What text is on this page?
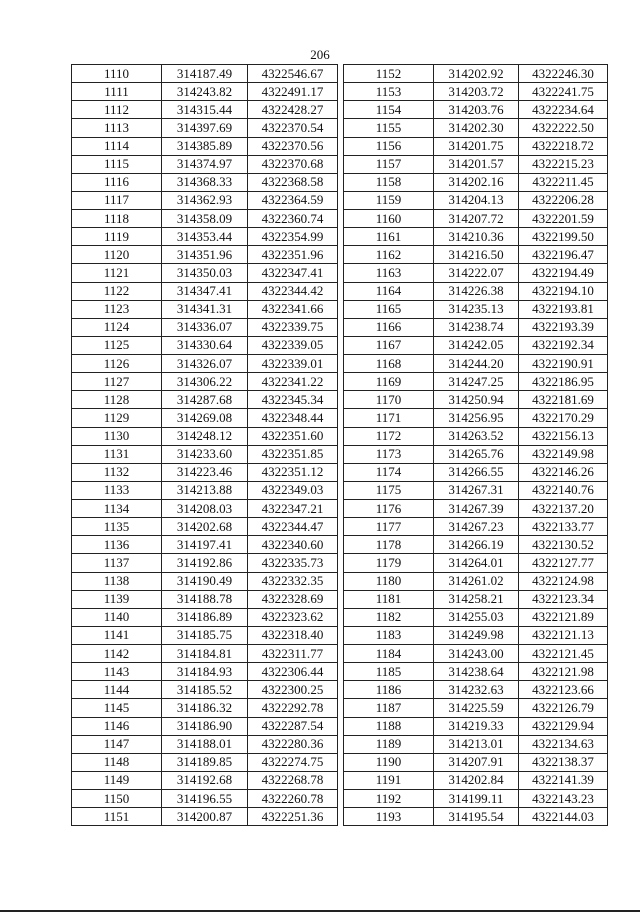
206
1110	314187.49	4322546.67
1111	314243.82	4322491.17
1112	314315.44	4322428.27
1113	314397.69	4322370.54
1114	314385.89	4322370.56
1115	314374.97	4322370.68
1116	314368.33	4322368.58
1117	314362.93	4322364.59
1118	314358.09	4322360.74
1119	314353.44	4322354.99
1120	314351.96	4322351.96
1121	314350.03	4322347.41
1122	314347.41	4322344.42
1123	314341.31	4322341.66
1124	314336.07	4322339.75
1125	314330.64	4322339.05
1126	314326.07	4322339.01
1127	314306.22	4322341.22
1128	314287.68	4322345.34
1129	314269.08	4322348.44
1130	314248.12	4322351.60
1131	314233.60	4322351.85
1132	314223.46	4322351.12
1133	314213.88	4322349.03
1134	314208.03	4322347.21
1135	314202.68	4322344.47
1136	314197.41	4322340.60
1137	314192.86	4322335.73
1138	314190.49	4322332.35
1139	314188.78	4322328.69
1140	314186.89	4322323.62
1141	314185.75	4322318.40
1142	314184.81	4322311.77
1143	314184.93	4322306.44
1144	314185.52	4322300.25
1145	314186.32	4322292.78
1146	314186.90	4322287.54
1147	314188.01	4322280.36
1148	314189.85	4322274.75
1149	314192.68	4322268.78
1150	314196.55	4322260.78
1151	314200.87	4322251.36
1152	314202.92	4322246.30
1153	314203.72	4322241.75
1154	314203.76	4322234.64
1155	314202.30	4322222.50
1156	314201.75	4322218.72
1157	314201.57	4322215.23
1158	314202.16	4322211.45
1159	314204.13	4322206.28
1160	314207.72	4322201.59
1161	314210.36	4322199.50
1162	314216.50	4322196.47
1163	314222.07	4322194.49
1164	314226.38	4322194.10
1165	314235.13	4322193.81
1166	314238.74	4322193.39
1167	314242.05	4322192.34
1168	314244.20	4322190.91
1169	314247.25	4322186.95
1170	314250.94	4322181.69
1171	314256.95	4322170.29
1172	314263.52	4322156.13
1173	314265.76	4322149.98
1174	314266.55	4322146.26
1175	314267.31	4322140.76
1176	314267.39	4322137.20
1177	314267.23	4322133.77
1178	314266.19	4322130.52
1179	314264.01	4322127.77
1180	314261.02	4322124.98
1181	314258.21	4322123.34
1182	314255.03	4322121.89
1183	314249.98	4322121.13
1184	314243.00	4322121.45
1185	314238.64	4322121.98
1186	314232.63	4322123.66
1187	314225.59	4322126.79
1188	314219.33	4322129.94
1189	314213.01	4322134.63
1190	314207.91	4322138.37
1191	314202.84	4322141.39
1192	314199.11	4322143.23
1193	314195.54	4322144.03
